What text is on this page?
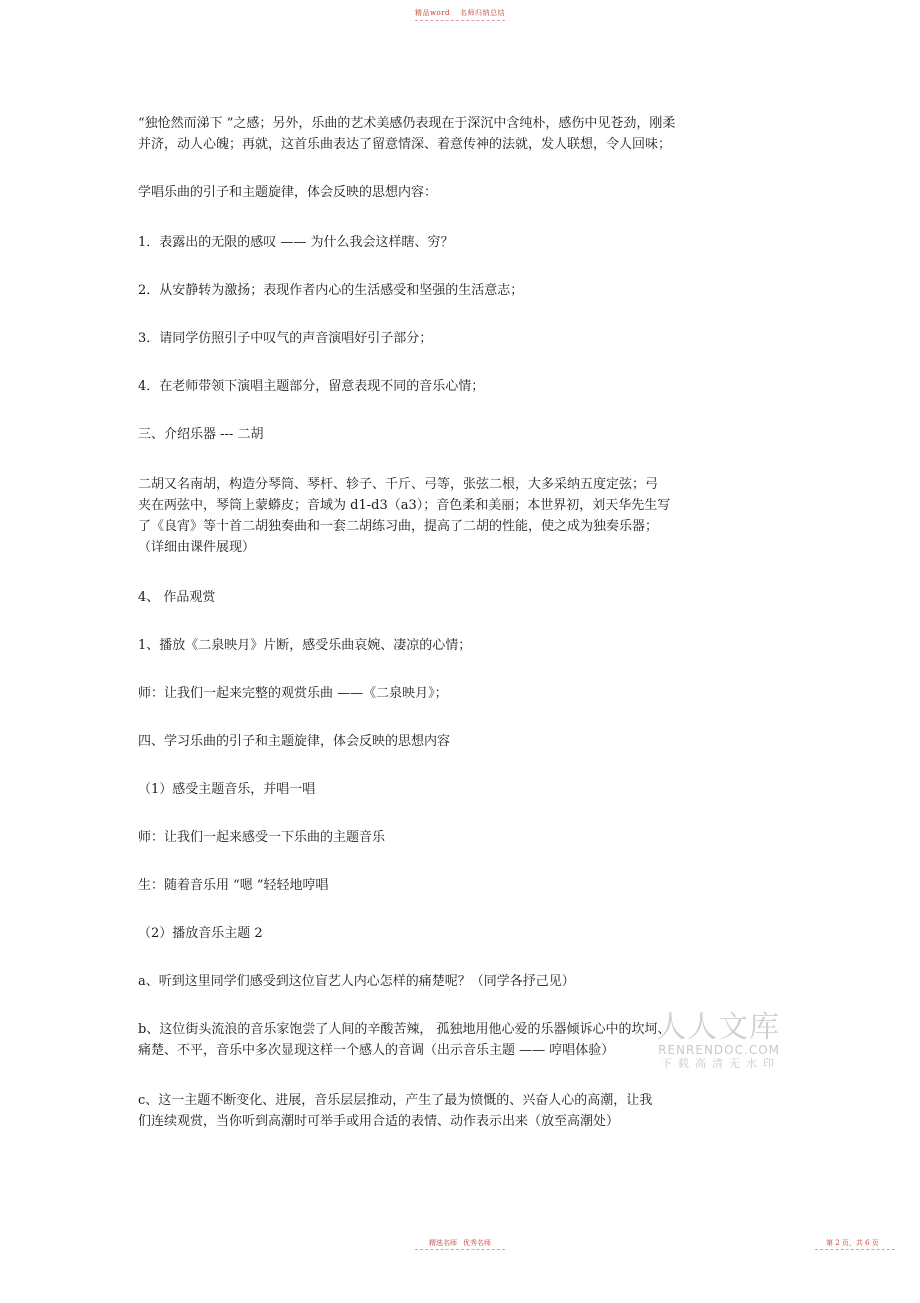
精品word 名师归纳总结
“独怆然而涕下 ”之感；另外，乐曲的艺术美感仍表现在于深沉中含纯朴，感伤中见苍劲，刚柔
并济，动人心魄；再就，这首乐曲表达了留意情深、着意传神的法就，发人联想，令人回味；
学唱乐曲的引子和主题旋律，体会反映的思想内容：
1．表露出的无限的感叹 —— 为什么我会这样瞎、穷？
2．从安静转为激扬；表现作者内心的生活感受和坚强的生活意志；
3．请同学仿照引子中叹气的声音演唱好引子部分；
4．在老师带领下演唱主题部分，留意表现不同的音乐心情；
三、介绍乐器 --- 二胡
二胡又名南胡，构造分琴筒、琴杆、轸子、千斤、弓等，张弦二根，大多采纳五度定弦；弓
夹在两弦中，琴筒上蒙蟒皮；音域为 d1-d3（a3）；音色柔和美丽；本世界初，刘天华先生写
了《良宵》等十首二胡独奏曲和一套二胡练习曲，提高了二胡的性能，使之成为独奏乐器；
（详细由课件展现）
4、 作品观赏
1、播放《二泉映月》片断，感受乐曲哀婉、凄凉的心情；
师：让我们一起来完整的观赏乐曲 ——《二泉映月》；
四、学习乐曲的引子和主题旋律，体会反映的思想内容
（1）感受主题音乐，并唱一唱
师：让我们一起来感受一下乐曲的主题音乐
生：随着音乐用 “嗯 ”轻轻地哼唱
（2）播放音乐主题 2
a、听到这里同学们感受到这位盲艺人内心怎样的痛楚呢？（同学各抒己见）
b、这位街头流浪的音乐家饱尝了人间的辛酸苦辣， 孤独地用他心爱的乐器倾诉心中的坎坷、
痛楚、不平，音乐中多次显现这样一个感人的音调（出示音乐主题 —— 哼唱体验）
c、这一主题不断变化、进展，音乐层层推动，产生了最为愤慨的、兴奋人心的高潮，让我
们连续观赏，当你听到高潮时可举手或用合适的表情、动作表示出来（放至高潮处）
人人文库
RENRENDOC.COM
下载高清无水印
精选名师 优秀名师	第 2 页，共 6 页
